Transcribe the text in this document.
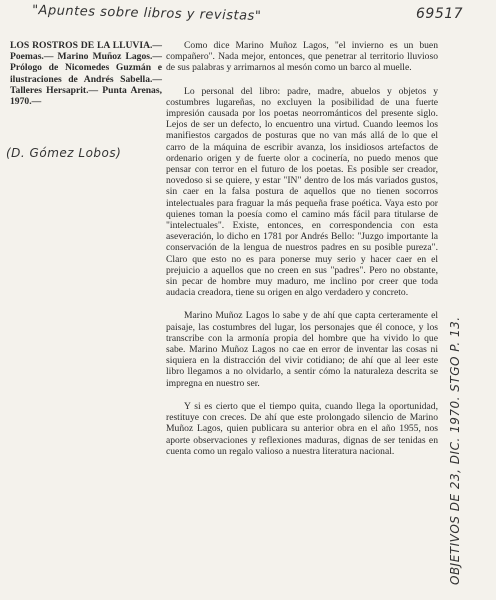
"Apuntes sobre libros y revistas"	69517
(D. Gómez Lobos)
OBJETIVOS DE 23, DIC. 1970. STGO P. 13.
LOS ROSTROS DE LA LLUVIA.— Poemas.— Marino Muñoz Lagos.— Prólogo de Nicomedes Guzmán e ilustraciones de Andrés Sabella.— Talleres Hersaprit.— Punta Arenas, 1970.—

Como dice Marino Muñoz Lagos, "el invierno es un buen compañero". Nada mejor, entonces, que penetrar al territorio lluvioso de sus palabras y arrimarnos al mesón como un barco al muelle.

Lo personal del libro: padre, madre, abuelos y objetos y costumbres lugareñas, no excluyen la posibilidad de una fuerte impresión causada por los poetas neorrománticos del presente siglo. Lejos de ser un defecto, lo encuentro una virtud. Cuando leemos los manifiestos cargados de posturas que no van más allá de lo que el carro de la máquina de escribir avanza, los insidiosos artefactos de ordenario origen y de fuerte olor a cocinería, no puedo menos que pensar con terror en el futuro de los poetas. Es posible ser creador, novedoso si se quiere, y estar "IN" dentro de los más variados gustos, sin caer en la falsa postura de aquellos que no tienen socorros intelectuales para fraguar la más pequeña frase poética. Vaya esto por quienes toman la poesía como el camino más fácil para titularse de "intelectuales". Existe, entonces, en correspondencia con esta aseveración, lo dicho en 1781 por Andrés Bello: "Juzgo importante la conservación de la lengua de nuestros padres en su posible pureza". Claro que esto no es para ponerse muy serio y hacer caer en el prejuicio a aquellos que no creen en sus "padres". Pero no obstante, sin pecar de hombre muy maduro, me inclino por creer que toda audacia creadora, tiene su origen en algo verdadero y concreto.

Marino Muñoz Lagos lo sabe y de ahí que capta certeramente el paisaje, las costumbres del lugar, los personajes que él conoce, y los transcribe con la armonía propia del hombre que ha vivido lo que sabe. Marino Muñoz Lagos no cae en error de inventar las cosas ni siquiera en la distracción del vivir cotidiano; de ahí que al leer este libro llegamos a no olvidarlo, a sentir cómo la naturaleza descrita se impregna en nuestro ser.

Y si es cierto que el tiempo quita, cuando llega la oportunidad, restituye con creces. De ahí que este prolongado silencio de Marino Muñoz Lagos, quien publicara su anterior obra en el año 1955, nos aporte observaciones y reflexiones maduras, dignas de ser tenidas en cuenta como un regalo valioso a nuestra literatura nacional.
